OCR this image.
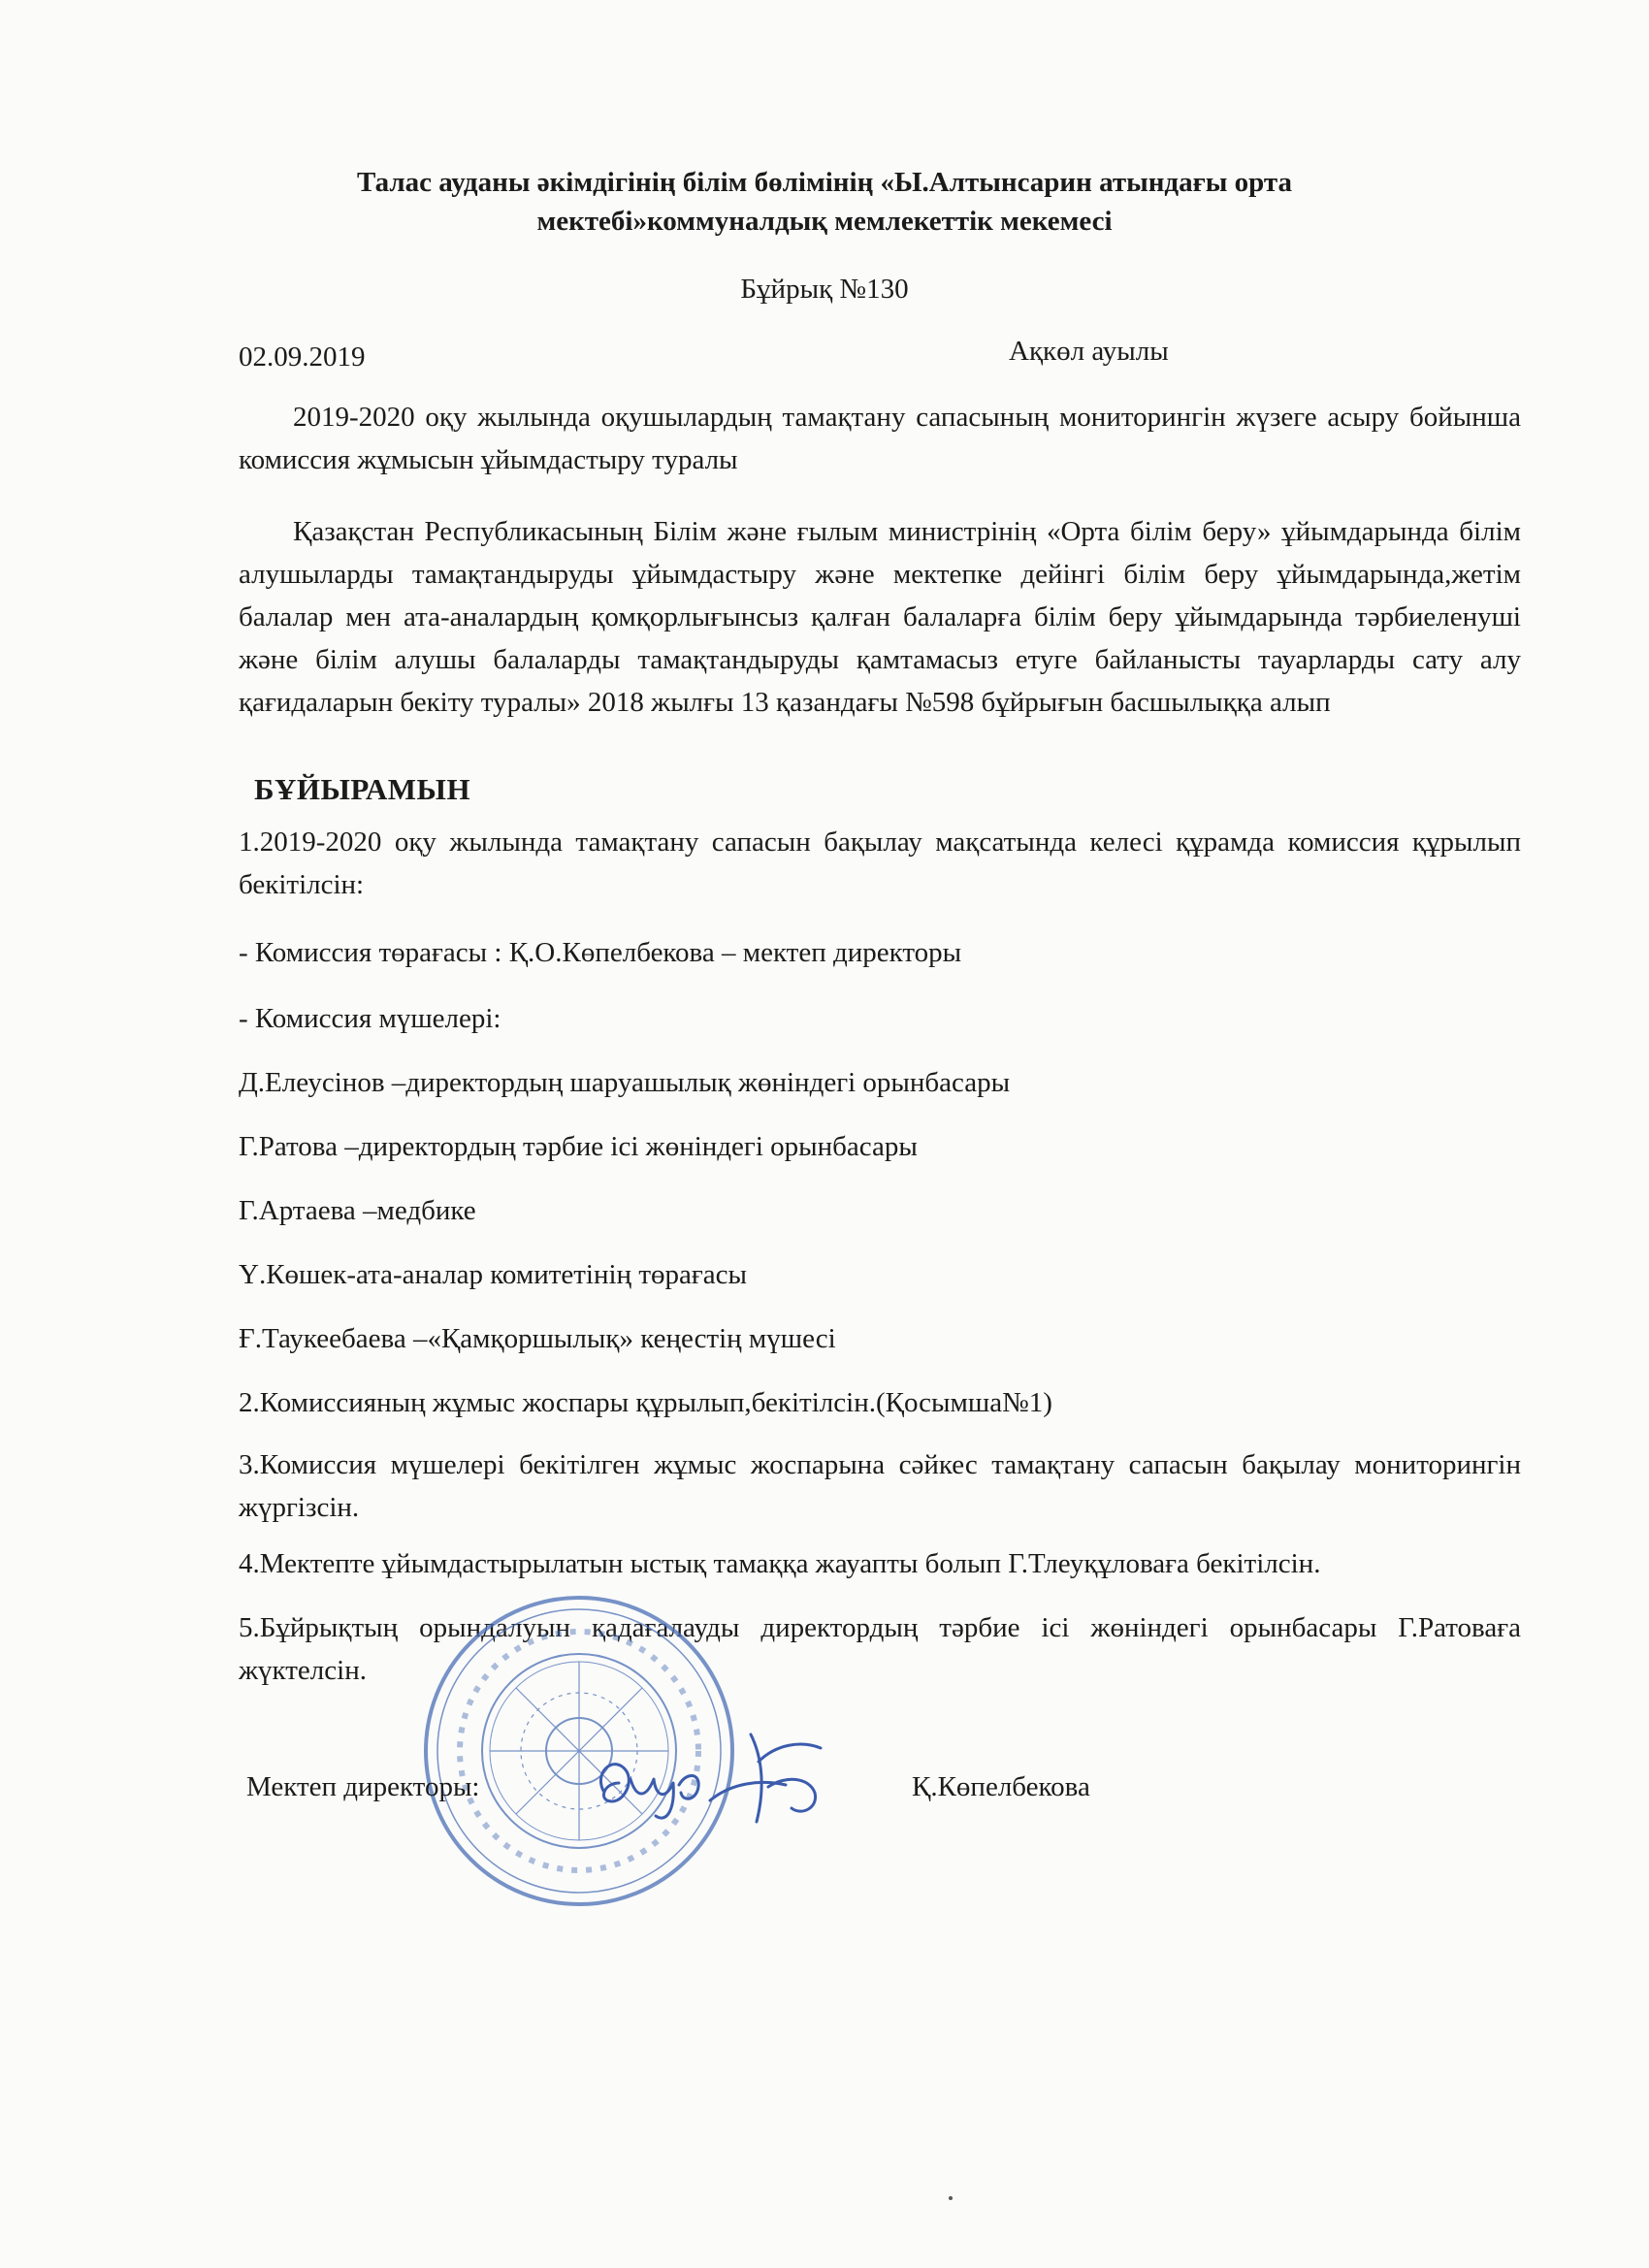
Талас ауданы әкімдігінің білім бөлімінің «Ы.Алтынсарин атындағы орта
мектебі»коммуналдық мемлекеттік мекемесі
Бұйрық №130
02.09.2019	Ақкөл ауылы

2019-2020 оқу жылында оқушылардың тамақтану сапасының мониторингін жүзеге асыру бойынша комиссия жұмысын ұйымдастыру туралы

Қазақстан Республикасының Білім және ғылым министрінің «Орта білім беру» ұйымдарында білім алушыларды тамақтандыруды ұйымдастыру және мектепке дейінгі білім беру ұйымдарында,жетім балалар мен ата-аналардың қомқорлығынсыз қалған балаларға білім беру ұйымдарында тәрбиеленуші және білім алушы балаларды тамақтандыруды қамтамасыз етуге байланысты тауарларды сату алу қағидаларын бекіту туралы» 2018 жылғы 13 қазандағы №598 бұйрығын басшылыққа алып

БҰЙЫРАМЫН

1.2019-2020 оқу жылында тамақтану сапасын бақылау мақсатында келесі құрамда комиссия құрылып бекітілсін:

- Комиссия төрағасы : Қ.О.Көпелбекова – мектеп директоры

- Комиссия мүшелері:

Д.Елеусінов –директордың шаруашылық жөніндегі орынбасары

Г.Ратова –директордың тәрбие ісі жөніндегі орынбасары

Г.Артаева –медбике

Ү.Көшек-ата-аналар комитетінің төрағасы

Ғ.Таукеебаева –«Қамқоршылық» кеңестің мүшесі

2.Комиссияның жұмыс жоспары құрылып,бекітілсін.(Қосымша№1)

3.Комиссия мүшелері бекітілген жұмыс жоспарына сәйкес тамақтану сапасын бақылау мониторингін жүргізсін.

4.Мектепте ұйымдастырылатын ыстық тамаққа жауапты болып Г.Тлеуқұловаға бекітілсін.

5.Бұйрықтың орындалуын қадағалауды директордың тәрбие ісі жөніндегі орынбасары Г.Ратоваға жүктелсін.

Мектеп директоры:	Қ.Көпелбекова
